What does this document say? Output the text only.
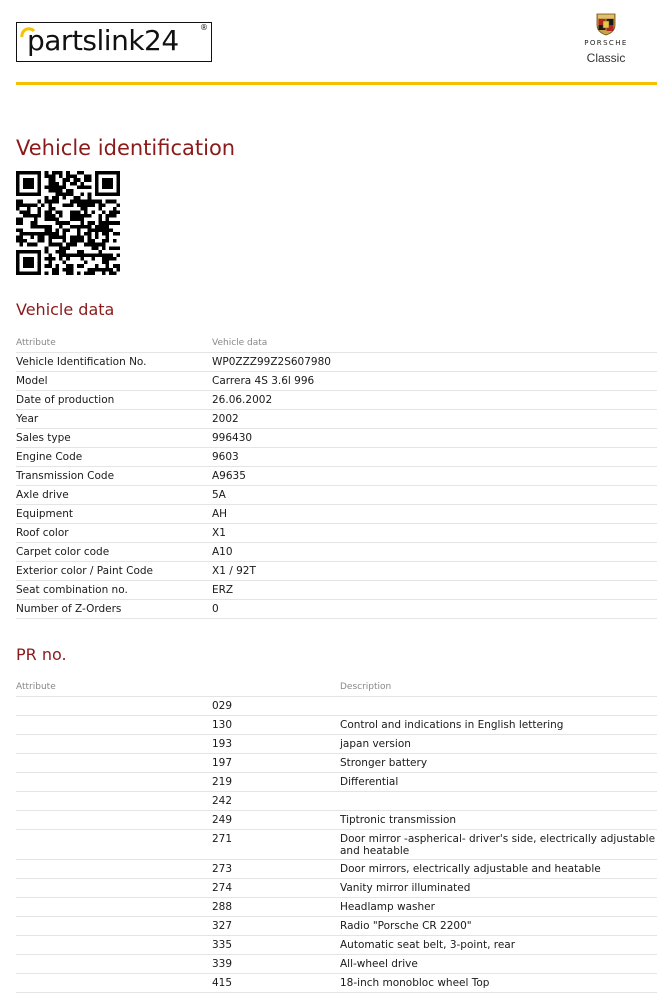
partslink24	®
PORSCHE
Classic
Vehicle identification
Vehicle data
Attribute	Vehicle data
Vehicle Identification No.	WP0ZZZ99Z2S607980
Model	Carrera 4S 3.6l 996
Date of production	26.06.2002
Year	2002
Sales type	996430
Engine Code	9603
Transmission Code	A9635
Axle drive	5A
Equipment	AH
Roof color	X1
Carpet color code	A10
Exterior color / Paint Code	X1 / 92T
Seat combination no.	ERZ
Number of Z-Orders	0
PR no.
Attribute	Description
029
130	Control and indications in English lettering
193	japan version
197	Stronger battery
219	Differential
242
249	Tiptronic transmission
271	Door mirror -aspherical- driver's side, electrically adjustable and heatable
273	Door mirrors, electrically adjustable and heatable
274	Vanity mirror illuminated
288	Headlamp washer
327	Radio "Porsche CR 2200"
335	Automatic seat belt, 3-point, rear
339	All-wheel drive
415	18-inch monobloc wheel Top
